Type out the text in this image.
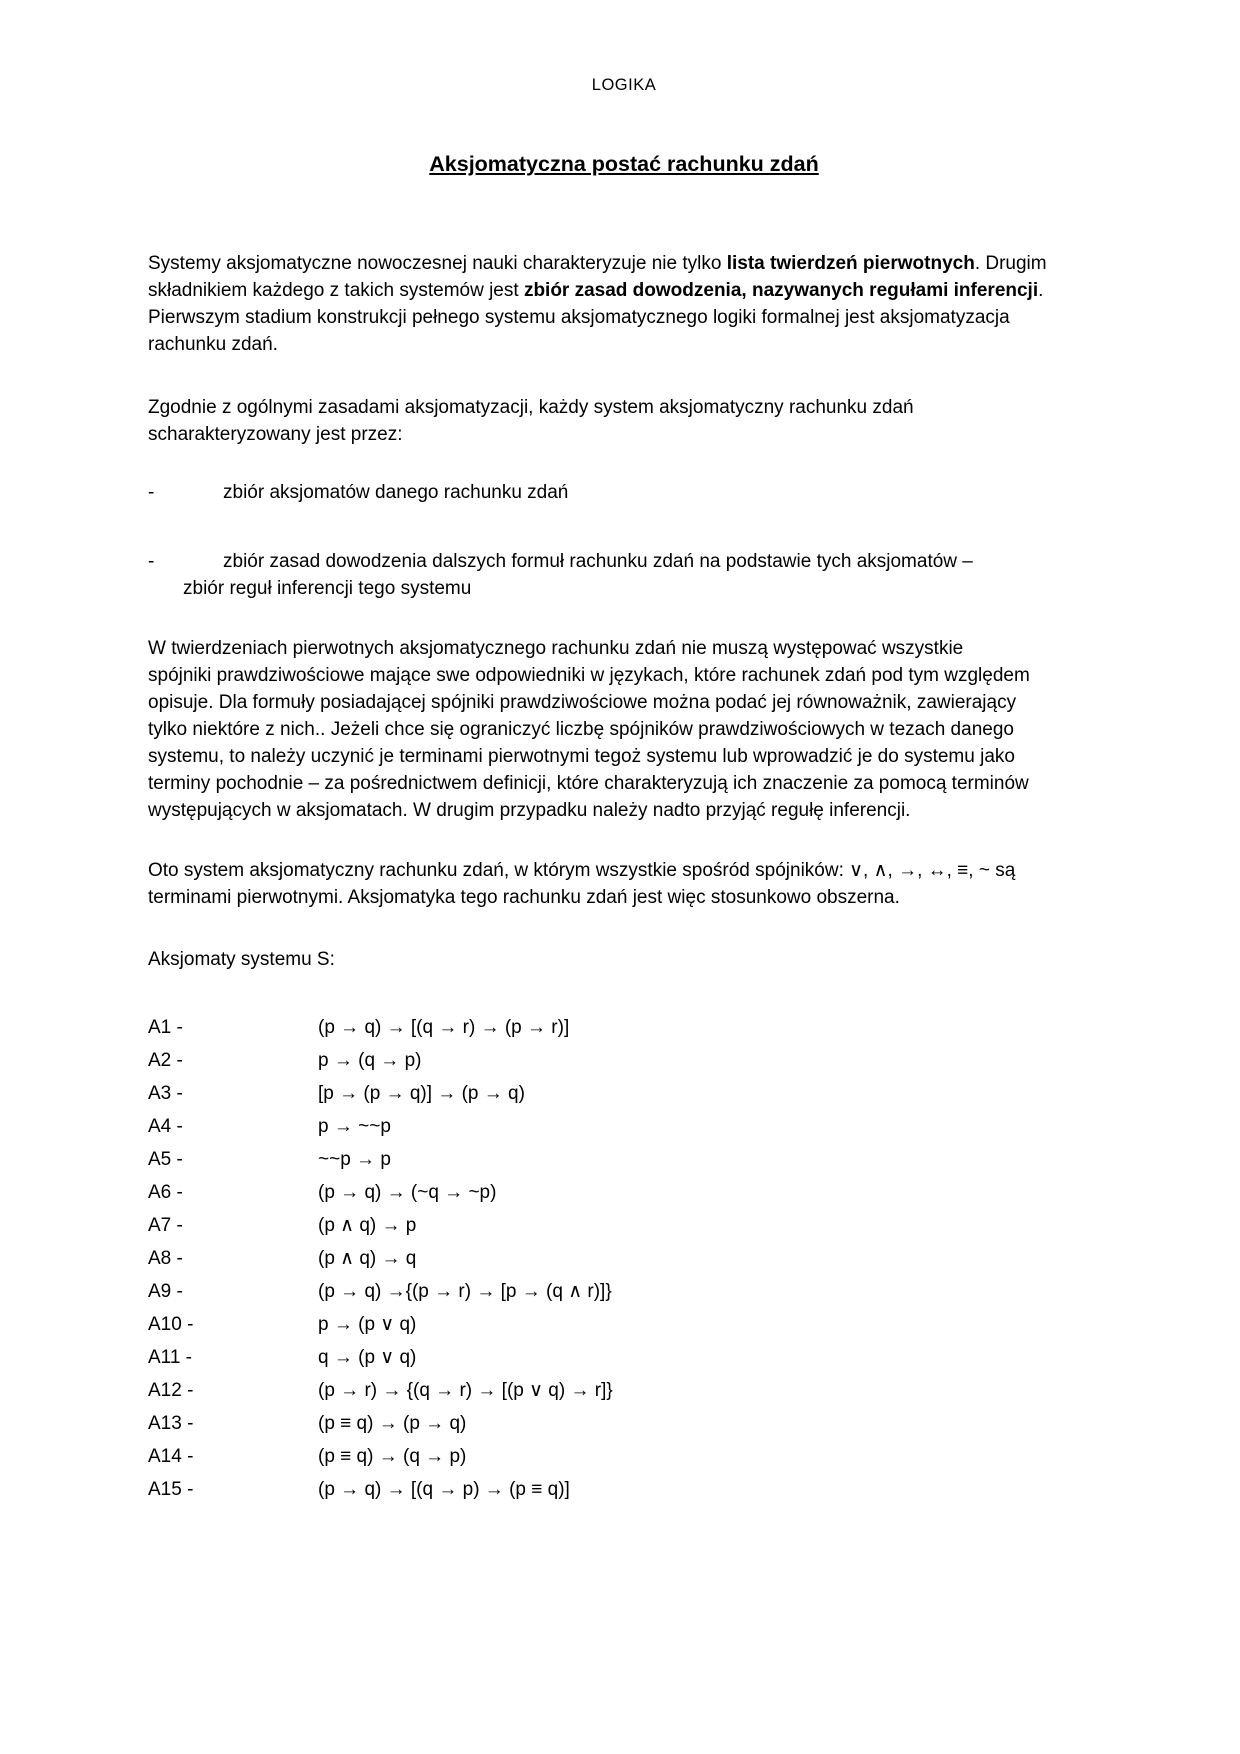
LOGIKA
Aksjomatyczna postać rachunku zdań

Systemy aksjomatyczne nowoczesnej nauki charakteryzuje nie tylko lista twierdzeń pierwotnych. Drugim składnikiem każdego z takich systemów jest zbiór zasad dowodzenia, nazywanych regułami inferencji. Pierwszym stadium konstrukcji pełnego systemu aksjomatycznego logiki formalnej jest aksjomatyzacja rachunku zdań.

Zgodnie z ogólnymi zasadami aksjomatyzacji, każdy system aksjomatyczny rachunku zdań scharakteryzowany jest przez:

-	zbiór aksjomatów danego rachunku zdań
-	zbiór zasad dowodzenia dalszych formuł rachunku zdań na podstawie tych aksjomatów – zbiór reguł inferencji tego systemu

W twierdzeniach pierwotnych aksjomatycznego rachunku zdań nie muszą występować wszystkie spójniki prawdziwościowe mające swe odpowiedniki w językach, które rachunek zdań pod tym względem opisuje. Dla formuły posiadającej spójniki prawdziwościowe można podać jej równoważnik, zawierający tylko niektóre z nich.. Jeżeli chce się ograniczyć liczbę spójników prawdziwościowych w tezach danego systemu, to należy uczynić je terminami pierwotnymi tegoż systemu lub wprowadzić je do systemu jako terminy pochodnie – za pośrednictwem definicji, które charakteryzują ich znaczenie za pomocą terminów występujących w aksjomatach. W drugim przypadku należy nadto przyjąć regułę inferencji.

Oto system aksjomatyczny rachunku zdań, w którym wszystkie spośród spójników: ∨, ∧, →, ↔, ≡, ~ są terminami pierwotnymi. Aksjomatyka tego rachunku zdań jest więc stosunkowo obszerna.

Aksjomaty systemu S:

A1 -	(p → q) → [(q → r) → (p → r)]
A2 -	p → (q → p)
A3 -	[p → (p → q)] → (p → q)
A4 -	p → ~~p
A5 -	~~p → p
A6 -	(p → q) → (~q → ~p)
A7 -	(p ∧ q) → p
A8 -	(p ∧ q) → q
A9 -	(p → q) →{(p → r) → [p → (q ∧ r)]}
A10 -	p → (p ∨ q)
A11 -	q → (p ∨ q)
A12 -	(p → r) → {(q → r) → [(p ∨ q) → r]}
A13 -	(p ≡ q) → (p → q)
A14 -	(p ≡ q) → (q → p)
A15 -	(p → q) → [(q → p) → (p ≡ q)]
